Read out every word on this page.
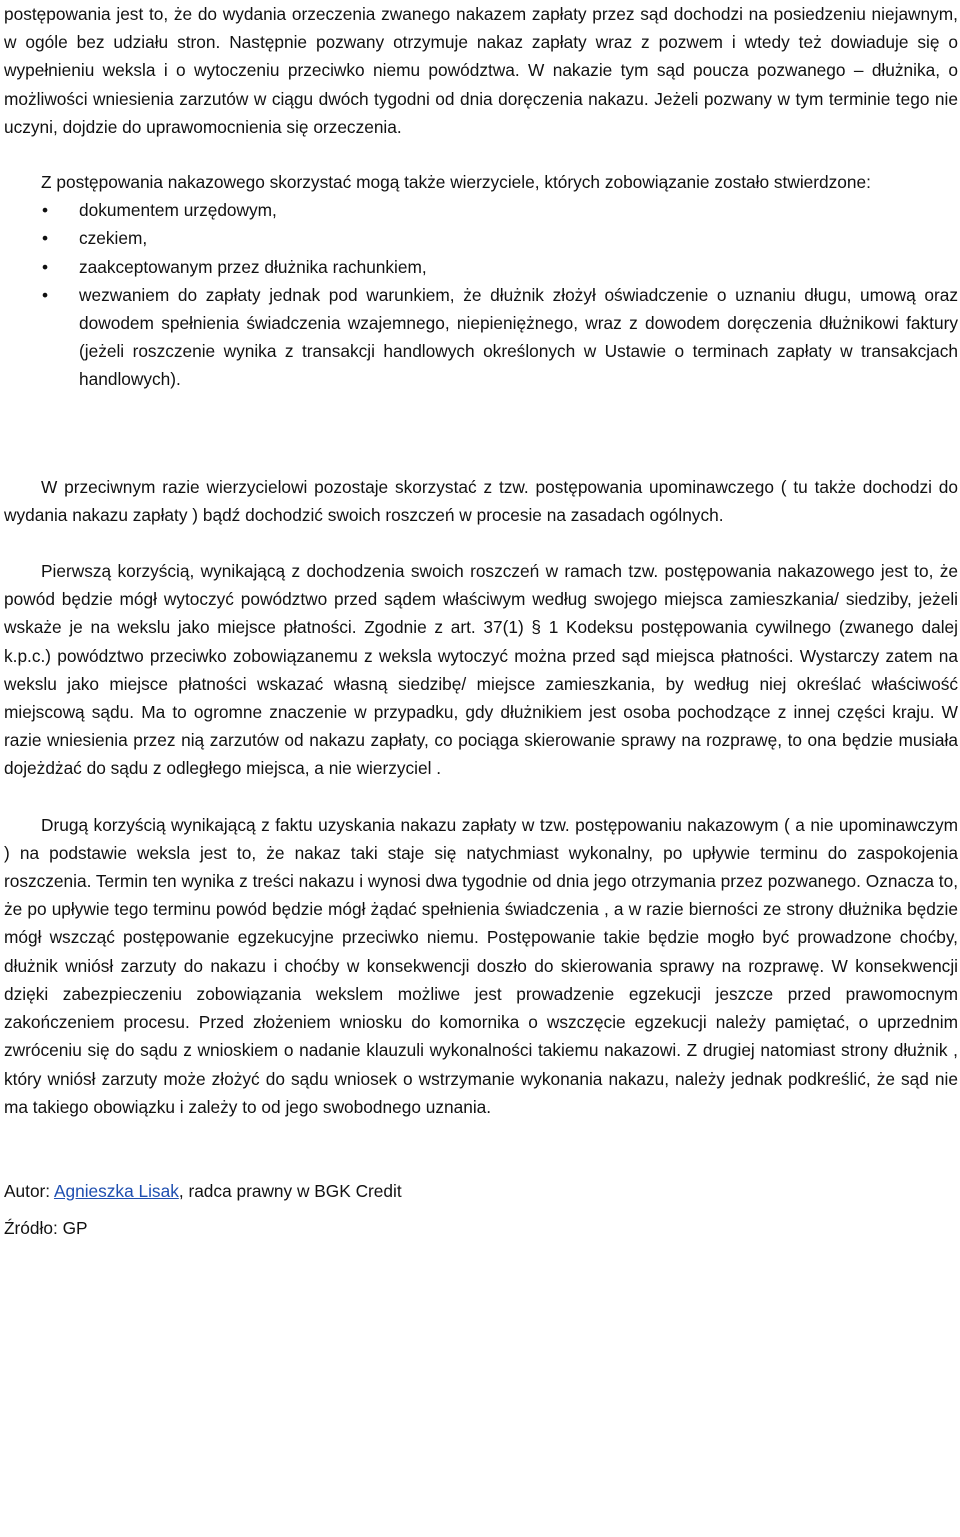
postępowania jest to, że do wydania orzeczenia zwanego nakazem zapłaty przez sąd dochodzi na posiedzeniu niejawnym, w ogóle bez udziału stron. Następnie pozwany otrzymuje nakaz zapłaty wraz z pozwem i wtedy też dowiaduje się o wypełnieniu weksla i o wytoczeniu przeciwko niemu powództwa. W nakazie tym sąd poucza pozwanego – dłużnika, o możliwości wniesienia zarzutów w ciągu dwóch tygodni od dnia doręczenia nakazu. Jeżeli pozwany w tym terminie tego nie uczyni, dojdzie do uprawomocnienia się orzeczenia.

Z postępowania nakazowego skorzystać mogą także wierzyciele, których zobowiązanie zostało stwierdzone:

• dokumentem urzędowym,
• czekiem,
• zaakceptowanym przez dłużnika rachunkiem,
• wezwaniem do zapłaty jednak pod warunkiem, że dłużnik złożył oświadczenie o uznaniu długu, umową oraz dowodem spełnienia świadczenia wzajemnego, niepieniężnego, wraz z dowodem doręczenia dłużnikowi faktury (jeżeli roszczenie wynika z transakcji handlowych określonych w Ustawie o terminach zapłaty w transakcjach handlowych).

W przeciwnym razie wierzycielowi pozostaje skorzystać z tzw. postępowania upominawczego ( tu także dochodzi do wydania nakazu zapłaty ) bądź dochodzić swoich roszczeń w procesie na zasadach ogólnych.

Pierwszą korzyścią, wynikającą z dochodzenia swoich roszczeń w ramach tzw. postępowania nakazowego jest to, że powód będzie mógł wytoczyć powództwo przed sądem właściwym według swojego miejsca zamieszkania/ siedziby, jeżeli wskaże je na wekslu jako miejsce płatności. Zgodnie z art. 37(1) § 1 Kodeksu postępowania cywilnego (zwanego dalej k.p.c.) powództwo przeciwko zobowiązanemu z weksla wytoczyć można przed sąd miejsca płatności. Wystarczy zatem na wekslu jako miejsce płatności wskazać własną siedzibę/ miejsce zamieszkania, by według niej określać właściwość miejscową sądu. Ma to ogromne znaczenie w przypadku, gdy dłużnikiem jest osoba pochodzące z innej części kraju. W razie wniesienia przez nią zarzutów od nakazu zapłaty, co pociąga skierowanie sprawy na rozprawę, to ona będzie musiała dojeżdżać do sądu z odległego miejsca, a nie wierzyciel .

Drugą korzyścią wynikającą z faktu uzyskania nakazu zapłaty w tzw. postępowaniu nakazowym ( a nie upominawczym ) na podstawie weksla jest to, że nakaz taki staje się natychmiast wykonalny, po upływie terminu do zaspokojenia roszczenia. Termin ten wynika z treści nakazu i wynosi dwa tygodnie od dnia jego otrzymania przez pozwanego. Oznacza to, że po upływie tego terminu powód będzie mógł żądać spełnienia świadczenia , a w razie bierności ze strony dłużnika będzie mógł wszcząć postępowanie egzekucyjne przeciwko niemu. Postępowanie takie będzie mogło być prowadzone choćby, dłużnik wniósł zarzuty do nakazu i choćby w konsekwencji doszło do skierowania sprawy na rozprawę. W konsekwencji dzięki zabezpieczeniu zobowiązania wekslem możliwe jest prowadzenie egzekucji jeszcze przed prawomocnym zakończeniem procesu. Przed złożeniem wniosku do komornika o wszczęcie egzekucji należy pamiętać, o uprzednim zwróceniu się do sądu z wnioskiem o nadanie klauzuli wykonalności takiemu nakazowi. Z drugiej natomiast strony dłużnik , który wniósł zarzuty może złożyć do sądu wniosek o wstrzymanie wykonania nakazu, należy jednak podkreślić, że sąd nie ma takiego obowiązku i zależy to od jego swobodnego uznania.

Autor: Agnieszka Lisak, radca prawny w BGK Credit

Źródło: GP
